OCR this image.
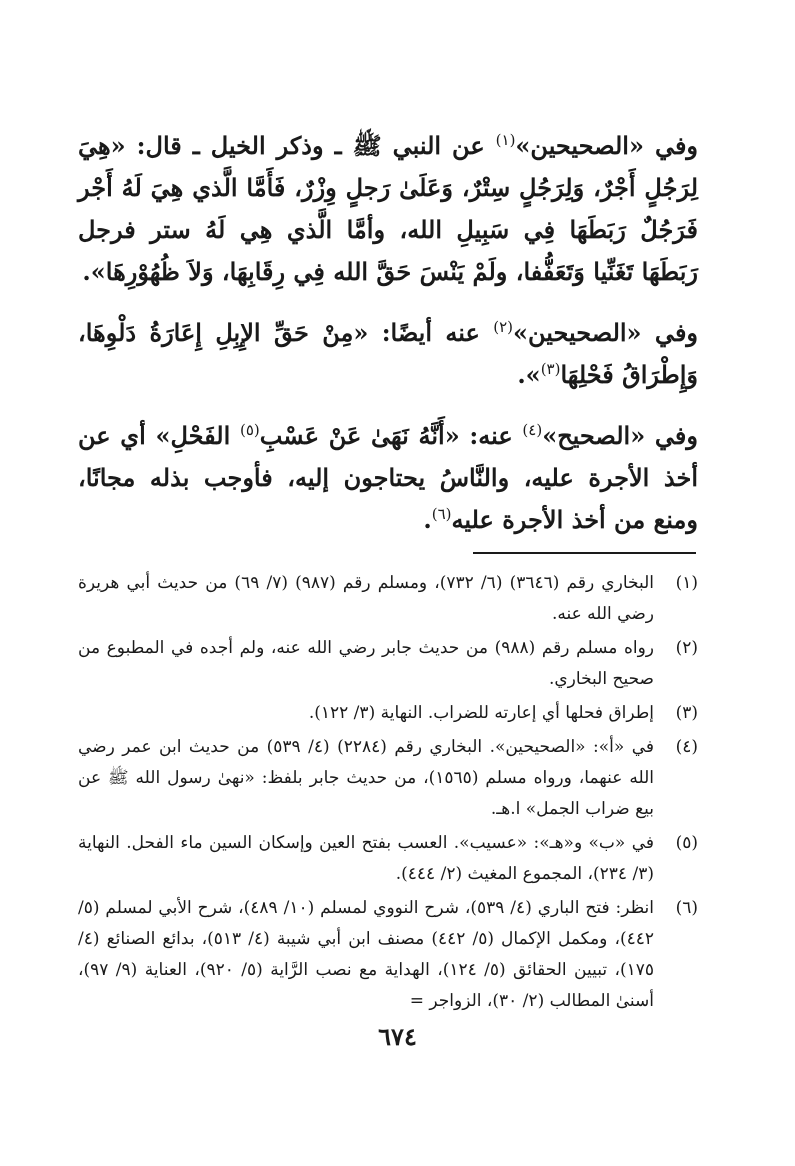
وفي «الصحيحين»$^{(١)}$ عن النبي ﷺ ـ وذكر الخيل ـ قال: «هِيَ لِرَجُلٍ أَجْرٌ، وَلِرَجُلٍ سِتْرٌ، وَعَلَىٰ رَجلٍ وِزْرٌ، فَأَمَّا الَّذي هِيَ لَهُ أَجْر فَرَجُلٌ رَبَطَهَا فِي سَبِيلِ الله، وأمَّا الَّذي هِي لَهُ ستر فرجل رَبَطَهَا تَغَنِّيا وَتَعَفُّفا، ولَمْ يَنْسَ حَقَّ الله فِي رِقَابِهَا، وَلاَ ظُهُوْرِهَا».

وفي «الصحيحين»$^{(٢)}$ عنه أيضًا: «مِنْ حَقِّ الإِبِلِ إِعَارَةُ دَلْوِهَا، وَإِطْرَاقُ فَحْلِهَا$^{(٣)}$».

وفي «الصحيح»$^{(٤)}$ عنه: «أَنَّهُ نَهَىٰ عَنْ عَسْبِ$^{(٥)}$ الفَحْلِ» أي عن أخذ الأجرة عليه، والنَّاسُ يحتاجون إليه، فأوجب بذله مجانًا، ومنع من أخذ الأجرة عليه$^{(٦)}$.

(١)
البخاري رقم (٣٦٤٦) (٦/ ٧٣٢)، ومسلم رقم (٩٨٧) (٧/ ٦٩) من حديث أبي هريرة رضي الله عنه.
(٢)
رواه مسلم رقم (٩٨٨) من حديث جابر رضي الله عنه، ولم أجده في المطبوع من صحيح البخاري.
(٣)
إطراق فحلها أي إعارته للضراب. النهاية (٣/ ١٢٢).
(٤)
في «أ»: «الصحيحين». البخاري رقم (٢٢٨٤) (٤/ ٥٣٩) من حديث ابن عمر رضي الله عنهما، ورواه مسلم (١٥٦٥)، من حديث جابر بلفظ: «نهىٰ رسول الله ﷺ عن بيع ضراب الجمل» ا.هـ.
(٥)
في «ب» و«هـ»: «عسيب». العسب بفتح العين وإسكان السين ماء الفحل. النهاية (٣/ ٢٣٤)، المجموع المغيث (٢/ ٤٤٤).
(٦)
انظر: فتح الباري (٤/ ٥٣٩)، شرح النووي لمسلم (١٠/ ٤٨٩)، شرح الأبي لمسلم (٥/ ٤٤٢)، ومكمل الإكمال (٥/ ٤٤٢) مصنف ابن أبي شيبة (٤/ ٥١٣)، بدائع الصنائع (٤/ ١٧٥)، تبيين الحقائق (٥/ ١٢٤)، الهداية مع نصب الرَّاية (٥/ ٩٢٠)، العناية (٩/ ٩٧)، أسنىٰ المطالب (٢/ ٣٠)، الزواجر =
٦٧٤
